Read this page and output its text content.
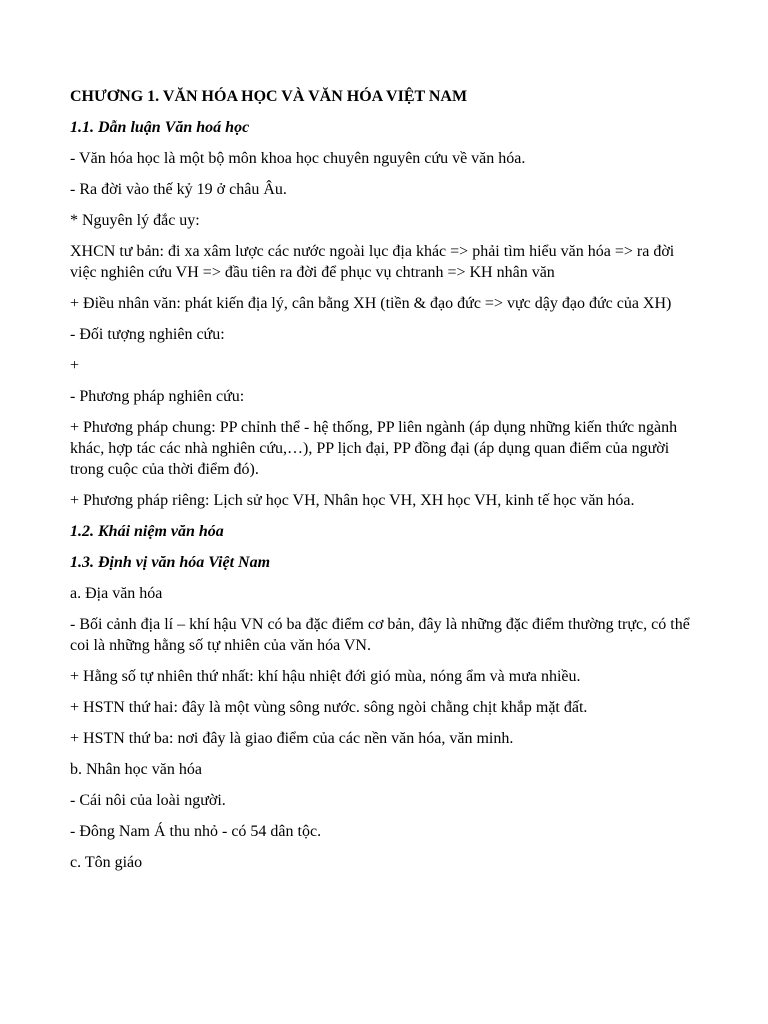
CHƯƠNG 1. VĂN HÓA HỌC VÀ VĂN HÓA VIỆT NAM

1.1. Dẫn luận Văn hoá học

- Văn hóa học là một bộ môn khoa học chuyên nguyên cứu về văn hóa.

- Ra đời vào thế kỷ 19 ở châu Âu.

* Nguyên lý đắc uy:

XHCN tư bản: đi xa xâm lược các nước ngoài lục địa khác => phải tìm hiểu văn hóa => ra đời việc nghiên cứu VH => đầu tiên ra đời để phục vụ chtranh => KH nhân văn

+ Điều nhân văn: phát kiến địa lý, cân bằng XH (tiền & đạo đức => vực dậy đạo đức của XH)

- Đối tượng nghiên cứu:

+

- Phương pháp nghiên cứu:

+ Phương pháp chung: PP chỉnh thể - hệ thống, PP liên ngành (áp dụng những kiến thức ngành khác, hợp tác các nhà nghiên cứu,…), PP lịch đại, PP đồng đại (áp dụng quan điểm của người trong cuộc của thời điểm đó).

+ Phương pháp riêng: Lịch sử học VH, Nhân học VH, XH học VH, kinh tế học văn hóa.

1.2. Khái niệm văn hóa

1.3. Định vị văn hóa Việt Nam

a. Địa văn hóa

- Bối cảnh địa lí – khí hậu VN có ba đặc điểm cơ bản, đây là những đặc điểm thường trực, có thể coi là những hằng số tự nhiên của văn hóa VN.

+ Hằng số tự nhiên thứ nhất: khí hậu nhiệt đới gió mùa, nóng ẩm và mưa nhiều.

+ HSTN thứ hai: đây là một vùng sông nước. sông ngòi chằng chịt khắp mặt đất.

+ HSTN thứ ba: nơi đây là giao điểm của các nền văn hóa, văn minh.

b. Nhân học văn hóa

- Cái nôi của loài người.

- Đông Nam Á thu nhỏ - có 54 dân tộc.

c. Tôn giáo
